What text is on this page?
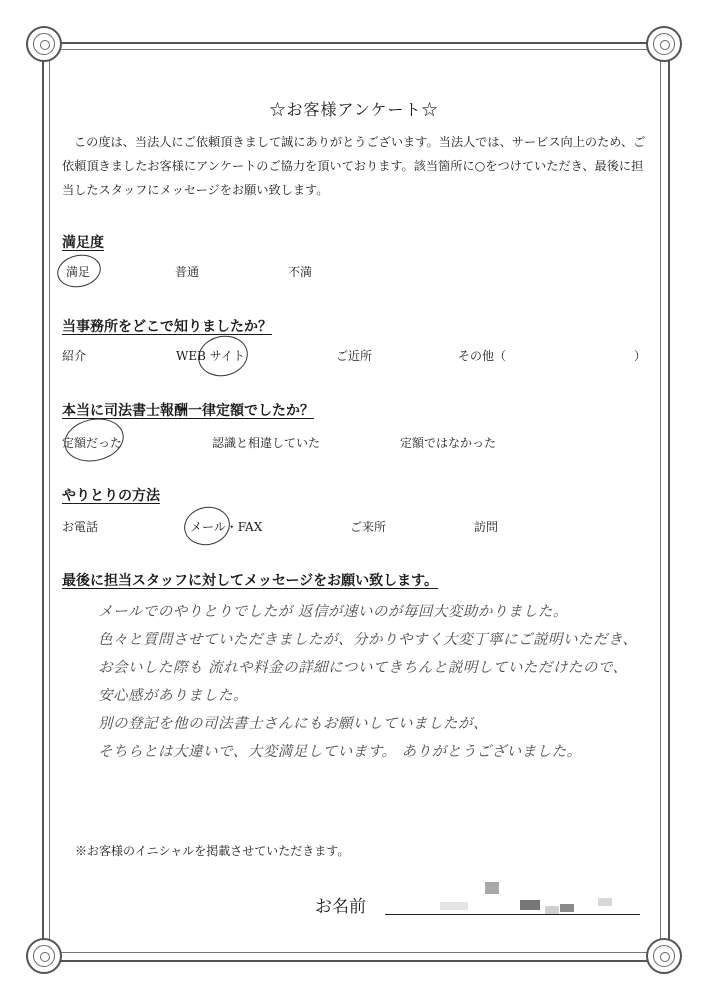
☆お客様アンケート☆
この度は、当法人にご依頼頂きまして誠にありがとうございます。当法人では、サービス向上のため、ご依頼頂きましたお客様にアンケートのご協力を頂いております。該当箇所に○をつけていただき、最後に担当したスタッフにメッセージをお願い致します。
満足度
満足	普通	不満
当事務所をどこで知りましたか？
紹介	WEB サイト	ご近所	その他（	）
本当に司法書士報酬一律定額でしたか？
定額だった	認識と相違していた	定額ではなかった
やりとりの方法
お電話	メール・FAX	ご来所	訪問
最後に担当スタッフに対してメッセージをお願い致します。
メールでのやりとりでしたが 返信が速いのが毎回大変助かりました。
色々と質問させていただきましたが、分かりやすく大変丁寧にご説明いただき、
お会いした際も 流れや料金の詳細についてきちんと説明していただけたので、
安心感がありました。
別の登記を他の司法書士さんにもお願いしていましたが、
そちらとは大違いで、大変満足しています。 ありがとうございました。
※お客様のイニシャルを掲載させていただきます。
お名前
